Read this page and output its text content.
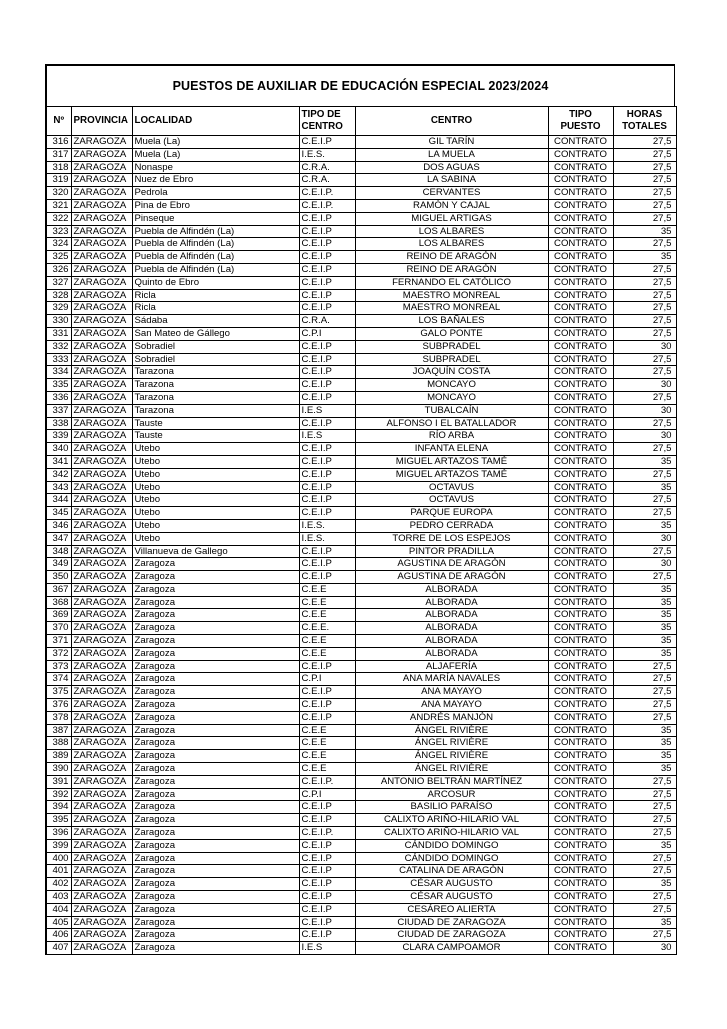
PUESTOS DE AUXILIAR DE EDUCACIÓN ESPECIAL 2023/2024
Nº	PROVINCIA	LOCALIDAD	TIPO DE CENTRO	CENTRO	TIPO PUESTO	HORAS TOTALES
316	ZARAGOZA	Muela (La)	C.E.I.P	GIL TARÍN	CONTRATO	27,5
317	ZARAGOZA	Muela (La)	I.E.S.	LA MUELA	CONTRATO	27,5
318	ZARAGOZA	Nonaspe	C.R.A.	DOS AGUAS	CONTRATO	27,5
319	ZARAGOZA	Nuez de Ebro	C.R.A.	LA SABINA	CONTRATO	27,5
320	ZARAGOZA	Pedrola	C.E.I.P.	CERVANTES	CONTRATO	27,5
321	ZARAGOZA	Pina de Ebro	C.E.I.P.	RAMÓN Y CAJAL	CONTRATO	27,5
322	ZARAGOZA	Pinseque	C.E.I.P	MIGUEL ARTIGAS	CONTRATO	27,5
323	ZARAGOZA	Puebla de Alfindén (La)	C.E.I.P	LOS ALBARES	CONTRATO	35
324	ZARAGOZA	Puebla de Alfindén (La)	C.E.I.P	LOS ALBARES	CONTRATO	27,5
325	ZARAGOZA	Puebla de Alfindén (La)	C.E.I.P	REINO DE ARAGÓN	CONTRATO	35
326	ZARAGOZA	Puebla de Alfindén (La)	C.E.I.P	REINO DE ARAGÓN	CONTRATO	27,5
327	ZARAGOZA	Quinto de Ebro	C.E.I.P	FERNANDO EL CATÓLICO	CONTRATO	27,5
328	ZARAGOZA	Ricla	C.E.I.P	MAESTRO MONREAL	CONTRATO	27,5
329	ZARAGOZA	Ricla	C.E.I.P	MAESTRO MONREAL	CONTRATO	27,5
330	ZARAGOZA	Sádaba	C.R.A.	LOS BAÑALES	CONTRATO	27,5
331	ZARAGOZA	San Mateo de Gállego	C.P.I	GALO PONTE	CONTRATO	27,5
332	ZARAGOZA	Sobradiel	C.E.I.P	SUBPRADEL	CONTRATO	30
333	ZARAGOZA	Sobradiel	C.E.I.P	SUBPRADEL	CONTRATO	27,5
334	ZARAGOZA	Tarazona	C.E.I.P	JOAQUÍN COSTA	CONTRATO	27,5
335	ZARAGOZA	Tarazona	C.E.I.P	MONCAYO	CONTRATO	30
336	ZARAGOZA	Tarazona	C.E.I.P	MONCAYO	CONTRATO	27,5
337	ZARAGOZA	Tarazona	I.E.S	TUBALCAÍN	CONTRATO	30
338	ZARAGOZA	Tauste	C.E.I.P	ALFONSO I EL BATALLADOR	CONTRATO	27,5
339	ZARAGOZA	Tauste	I.E.S	RÍO ARBA	CONTRATO	30
340	ZARAGOZA	Utebo	C.E.I.P	INFANTA ELENA	CONTRATO	27,5
341	ZARAGOZA	Utebo	C.E.I.P	MIGUEL ARTAZOS TAMÉ	CONTRATO	35
342	ZARAGOZA	Utebo	C.E.I.P	MIGUEL ARTAZOS TAMÉ	CONTRATO	27,5
343	ZARAGOZA	Utebo	C.E.I.P	OCTAVUS	CONTRATO	35
344	ZARAGOZA	Utebo	C.E.I.P	OCTAVUS	CONTRATO	27,5
345	ZARAGOZA	Utebo	C.E.I.P	PARQUE EUROPA	CONTRATO	27,5
346	ZARAGOZA	Utebo	I.E.S.	PEDRO CERRADA	CONTRATO	35
347	ZARAGOZA	Utebo	I.E.S.	TORRE DE LOS ESPEJOS	CONTRATO	30
348	ZARAGOZA	Villanueva de Gallego	C.E.I.P	PINTOR PRADILLA	CONTRATO	27,5
349	ZARAGOZA	Zaragoza	C.E.I.P	AGUSTINA DE ARAGÓN	CONTRATO	30
350	ZARAGOZA	Zaragoza	C.E.I.P	AGUSTINA DE ARAGÓN	CONTRATO	27,5
367	ZARAGOZA	Zaragoza	C.E.E	ALBORADA	CONTRATO	35
368	ZARAGOZA	Zaragoza	C.E.E	ALBORADA	CONTRATO	35
369	ZARAGOZA	Zaragoza	C.E.E	ALBORADA	CONTRATO	35
370	ZARAGOZA	Zaragoza	C.E.E.	ALBORADA	CONTRATO	35
371	ZARAGOZA	Zaragoza	C.E.E	ALBORADA	CONTRATO	35
372	ZARAGOZA	Zaragoza	C.E.E	ALBORADA	CONTRATO	35
373	ZARAGOZA	Zaragoza	C.E.I.P	ALJAFERÍA	CONTRATO	27,5
374	ZARAGOZA	Zaragoza	C.P.I	ANA MARÍA NAVALES	CONTRATO	27,5
375	ZARAGOZA	Zaragoza	C.E.I.P	ANA MAYAYO	CONTRATO	27,5
376	ZARAGOZA	Zaragoza	C.E.I.P	ANA MAYAYO	CONTRATO	27,5
378	ZARAGOZA	Zaragoza	C.E.I.P	ANDRÉS MANJÓN	CONTRATO	27,5
387	ZARAGOZA	Zaragoza	C.E.E	ÁNGEL RIVIÈRE	CONTRATO	35
388	ZARAGOZA	Zaragoza	C.E.E	ÁNGEL RIVIÈRE	CONTRATO	35
389	ZARAGOZA	Zaragoza	C.E.E	ÁNGEL RIVIÈRE	CONTRATO	35
390	ZARAGOZA	Zaragoza	C.E.E	ÁNGEL RIVIÈRE	CONTRATO	35
391	ZARAGOZA	Zaragoza	C.E.I.P.	ANTONIO BELTRÁN MARTÍNEZ	CONTRATO	27,5
392	ZARAGOZA	Zaragoza	C.P.I	ARCOSUR	CONTRATO	27,5
394	ZARAGOZA	Zaragoza	C.E.I.P	BASILIO PARAÍSO	CONTRATO	27,5
395	ZARAGOZA	Zaragoza	C.E.I.P	CALIXTO ARIÑO-HILARIO VAL	CONTRATO	27,5
396	ZARAGOZA	Zaragoza	C.E.I.P.	CALIXTO ARIÑO-HILARIO VAL	CONTRATO	27,5
399	ZARAGOZA	Zaragoza	C.E.I.P	CÁNDIDO DOMINGO	CONTRATO	35
400	ZARAGOZA	Zaragoza	C.E.I.P	CÁNDIDO DOMINGO	CONTRATO	27,5
401	ZARAGOZA	Zaragoza	C.E.I.P	CATALINA DE ARAGÓN	CONTRATO	27,5
402	ZARAGOZA	Zaragoza	C.E.I.P	CÉSAR AUGUSTO	CONTRATO	35
403	ZARAGOZA	Zaragoza	C.E.I.P	CÉSAR AUGUSTO	CONTRATO	27,5
404	ZARAGOZA	Zaragoza	C.E.I.P	CESÁREO ALIERTA	CONTRATO	27,5
405	ZARAGOZA	Zaragoza	C.E.I.P	CIUDAD DE ZARAGOZA	CONTRATO	35
406	ZARAGOZA	Zaragoza	C.E.I.P	CIUDAD DE ZARAGOZA	CONTRATO	27,5
407	ZARAGOZA	Zaragoza	I.E.S	CLARA CAMPOAMOR	CONTRATO	30
